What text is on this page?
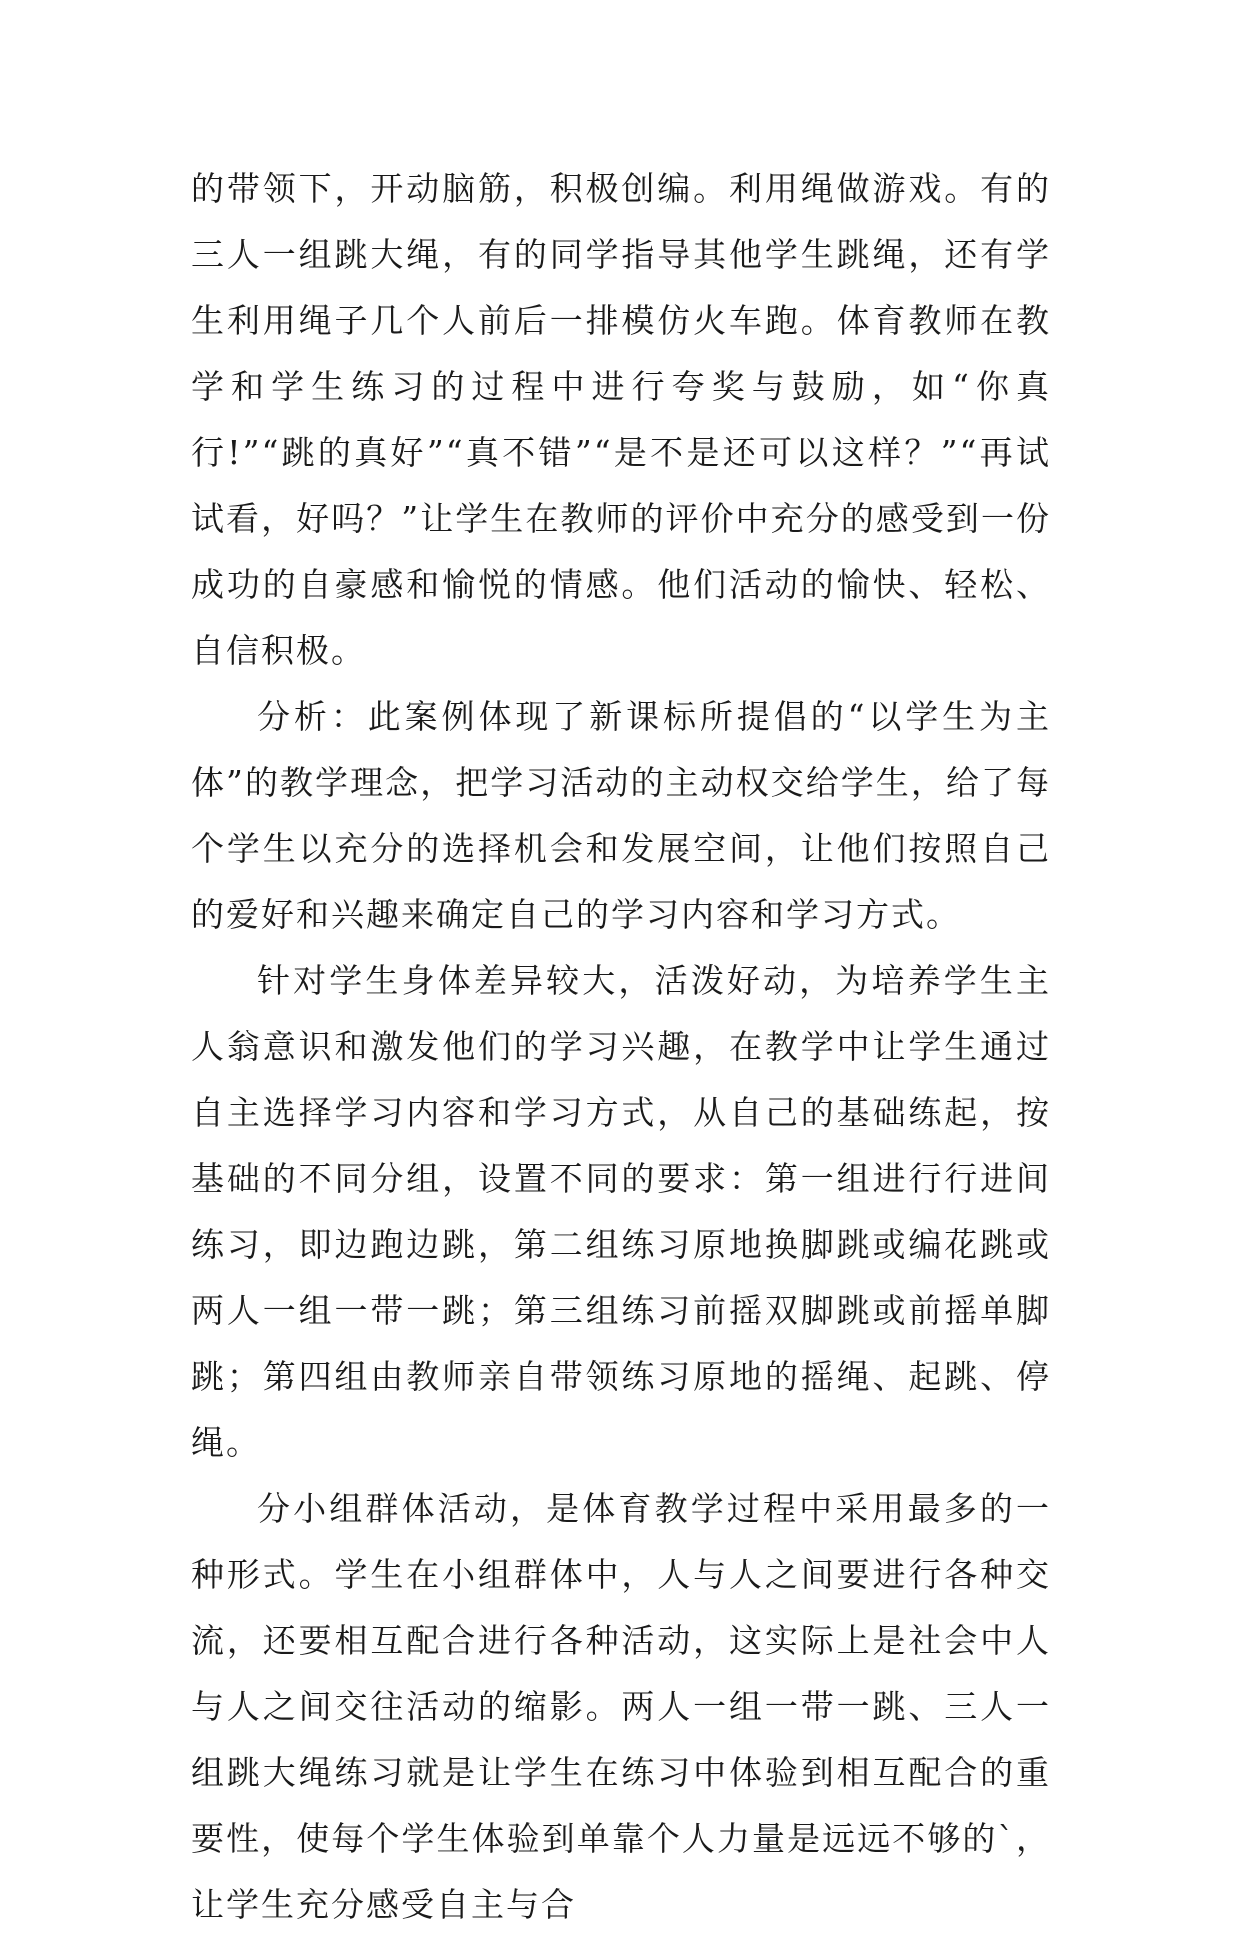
的带领下，开动脑筋，积极创编。利用绳做游戏。有的三人一组跳大绳，有的同学指导其他学生跳绳，还有学生利用绳子几个人前后一排模仿火车跑。体育教师在教学和学生练习的过程中进行夸奖与鼓励，如“你真行!”“跳的真好”“真不错”“是不是还可以这样？”“再试试看，好吗？”让学生在教师的评价中充分的感受到一份成功的自豪感和愉悦的情感。他们活动的愉快、轻松、自信积极。

分析：此案例体现了新课标所提倡的“以学生为主体”的教学理念，把学习活动的主动权交给学生，给了每个学生以充分的选择机会和发展空间，让他们按照自己的爱好和兴趣来确定自己的学习内容和学习方式。

针对学生身体差异较大，活泼好动，为培养学生主人翁意识和激发他们的学习兴趣，在教学中让学生通过自主选择学习内容和学习方式，从自己的基础练起，按基础的不同分组，设置不同的要求：第一组进行行进间练习，即边跑边跳，第二组练习原地换脚跳或编花跳或两人一组一带一跳；第三组练习前摇双脚跳或前摇单脚跳；第四组由教师亲自带领练习原地的摇绳、起跳、停绳。

分小组群体活动，是体育教学过程中采用最多的一种形式。学生在小组群体中，人与人之间要进行各种交流，还要相互配合进行各种活动，这实际上是社会中人与人之间交往活动的缩影。两人一组一带一跳、三人一组跳大绳练习就是让学生在练习中体验到相互配合的重要性，使每个学生体验到单靠个人力量是远远不够的`，让学生充分感受自主与合
